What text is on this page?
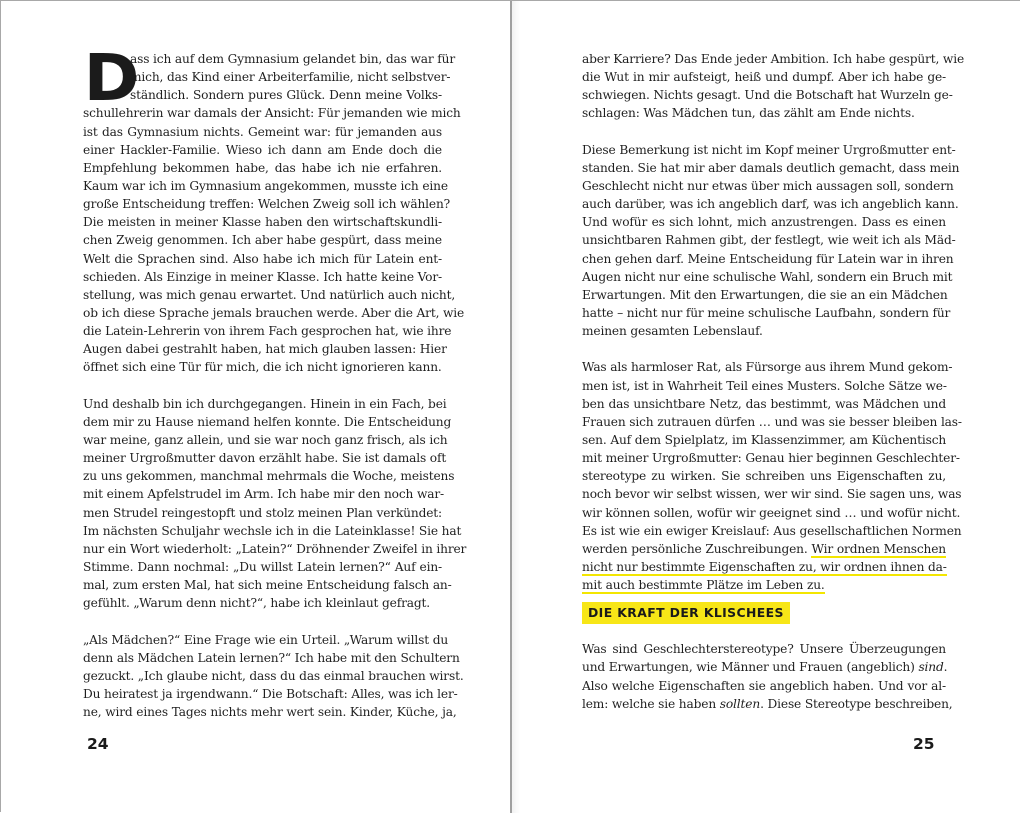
D
ass ich auf dem Gymnasium gelandet bin, das war für
mich, das Kind einer Arbeiterfamilie, nicht selbstver-
ständlich. Sondern pures Glück. Denn meine Volks-
schullehrerin war damals der Ansicht: Für jemanden wie mich
ist das Gymnasium nichts. Gemeint war: für jemanden aus
einer Hackler-Familie. Wieso ich dann am Ende doch die
Empfehlung bekommen habe, das habe ich nie erfahren.
Kaum war ich im Gymnasium angekommen, musste ich eine
große Entscheidung treffen: Welchen Zweig soll ich wählen?
Die meisten in meiner Klasse haben den wirtschaftskundli-
chen Zweig genommen. Ich aber habe gespürt, dass meine
Welt die Sprachen sind. Also habe ich mich für Latein ent-
schieden. Als Einzige in meiner Klasse. Ich hatte keine Vor-
stellung, was mich genau erwartet. Und natürlich auch nicht,
ob ich diese Sprache jemals brauchen werde. Aber die Art, wie
die Latein-Lehrerin von ihrem Fach gesprochen hat, wie ihre
Augen dabei gestrahlt haben, hat mich glauben lassen: Hier
öffnet sich eine Tür für mich, die ich nicht ignorieren kann.
Und deshalb bin ich durchgegangen. Hinein in ein Fach, bei
dem mir zu Hause niemand helfen konnte. Die Entscheidung
war meine, ganz allein, und sie war noch ganz frisch, als ich
meiner Urgroßmutter davon erzählt habe. Sie ist damals oft
zu uns gekommen, manchmal mehrmals die Woche, meistens
mit einem Apfelstrudel im Arm. Ich habe mir den noch war-
men Strudel reingestopft und stolz meinen Plan verkündet:
Im nächsten Schuljahr wechsle ich in die Lateinklasse! Sie hat
nur ein Wort wiederholt: „Latein?“ Dröhnender Zweifel in ihrer
Stimme. Dann nochmal: „Du willst Latein lernen?“ Auf ein-
mal, zum ersten Mal, hat sich meine Entscheidung falsch an-
gefühlt. „Warum denn nicht?“, habe ich kleinlaut gefragt.
„Als Mädchen?“ Eine Frage wie ein Urteil. „Warum willst du
denn als Mädchen Latein lernen?“ Ich habe mit den Schultern
gezuckt. „Ich glaube nicht, dass du das einmal brauchen wirst.
Du heiratest ja irgendwann.“ Die Botschaft: Alles, was ich ler-
ne, wird eines Tages nichts mehr wert sein. Kinder, Küche, ja,
24
aber Karriere? Das Ende jeder Ambition. Ich habe gespürt, wie
die Wut in mir aufsteigt, heiß und dumpf. Aber ich habe ge-
schwiegen. Nichts gesagt. Und die Botschaft hat Wurzeln ge-
schlagen: Was Mädchen tun, das zählt am Ende nichts.
Diese Bemerkung ist nicht im Kopf meiner Urgroßmutter ent-
standen. Sie hat mir aber damals deutlich gemacht, dass mein
Geschlecht nicht nur etwas über mich aussagen soll, sondern
auch darüber, was ich angeblich darf, was ich angeblich kann.
Und wofür es sich lohnt, mich anzustrengen. Dass es einen
unsichtbaren Rahmen gibt, der festlegt, wie weit ich als Mäd-
chen gehen darf. Meine Entscheidung für Latein war in ihren
Augen nicht nur eine schulische Wahl, sondern ein Bruch mit
Erwartungen. Mit den Erwartungen, die sie an ein Mädchen
hatte – nicht nur für meine schulische Laufbahn, sondern für
meinen gesamten Lebenslauf.
Was als harmloser Rat, als Fürsorge aus ihrem Mund gekom-
men ist, ist in Wahrheit Teil eines Musters. Solche Sätze we-
ben das unsichtbare Netz, das bestimmt, was Mädchen und
Frauen sich zutrauen dürfen … und was sie besser bleiben las-
sen. Auf dem Spielplatz, im Klassenzimmer, am Küchentisch
mit meiner Urgroßmutter: Genau hier beginnen Geschlechter-
stereotype zu wirken. Sie schreiben uns Eigenschaften zu,
noch bevor wir selbst wissen, wer wir sind. Sie sagen uns, was
wir können sollen, wofür wir geeignet sind … und wofür nicht.
Es ist wie ein ewiger Kreislauf: Aus gesellschaftlichen Normen
werden persönliche Zuschreibungen. Wir ordnen Menschen
nicht nur bestimmte Eigenschaften zu, wir ordnen ihnen da-
mit auch bestimmte Plätze im Leben zu.
DIE KRAFT DER KLISCHEES
Was sind Geschlechterstereotype? Unsere Überzeugungen
und Erwartungen, wie Männer und Frauen (angeblich) sind.
Also welche Eigenschaften sie angeblich haben. Und vor al-
lem: welche sie haben sollten. Diese Stereotype beschreiben,
25
